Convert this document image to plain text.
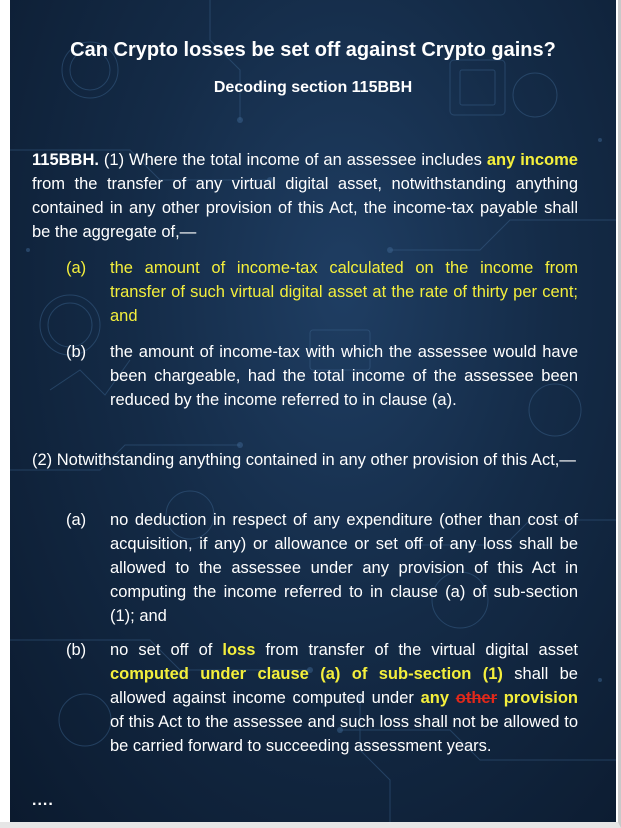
Can Crypto losses be set off against Crypto gains?
Decoding section 115BBH
115BBH. (1) Where the total income of an assessee includes any income from the transfer of any virtual digital asset, notwithstanding anything contained in any other provision of this Act, the income-tax payable shall be the aggregate of,—
(a) the amount of income-tax calculated on the income from transfer of such virtual digital asset at the rate of thirty per cent; and
(b) the amount of income-tax with which the assessee would have been chargeable, had the total income of the assessee been reduced by the income referred to in clause (a).
(2) Notwithstanding anything contained in any other provision of this Act,—
(a) no deduction in respect of any expenditure (other than cost of acquisition, if any) or allowance or set off of any loss shall be allowed to the assessee under any provision of this Act in computing the income referred to in clause (a) of sub-section (1); and
(b) no set off of loss from transfer of the virtual digital asset computed under clause (a) of sub-section (1) shall be allowed against income computed under any other provision of this Act to the assessee and such loss shall not be allowed to be carried forward to succeeding assessment years.
....
